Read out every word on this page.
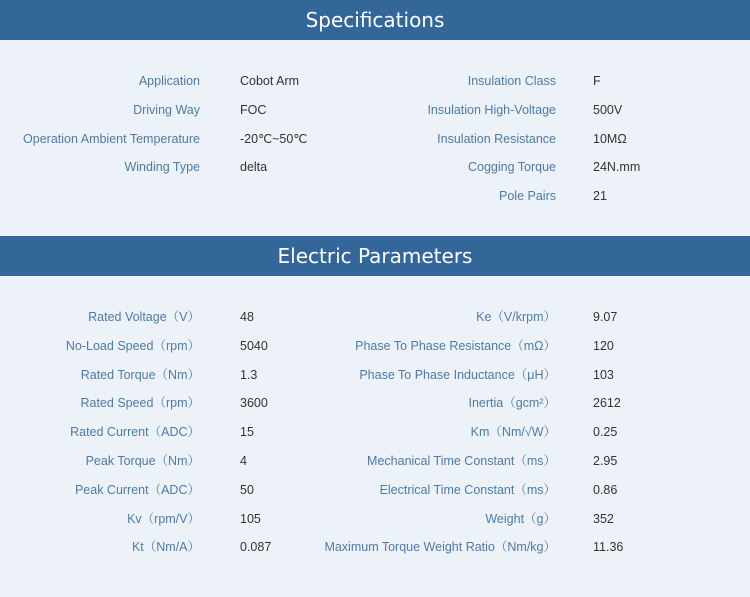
Specifications
Application	Cobot Arm
Driving Way	FOC
Operation Ambient Temperature	-20℃~50℃
Winding Type	delta
Insulation Class	F
Insulation High-Voltage	500V
Insulation Resistance	10MΩ
Cogging Torque	24N.mm
Pole Pairs	21
Electric Parameters
Rated Voltage（V）	48
No-Load Speed（rpm）	5040
Rated Torque（Nm）	1.3
Rated Speed（rpm）	3600
Rated Current（ADC）	15
Peak Torque（Nm）	4
Peak Current（ADC）	50
Kv（rpm/V）	105
Kt（Nm/A）	0.087
Ke（V/krpm）	9.07
Phase To Phase Resistance（mΩ）	120
Phase To Phase Inductance（μH）	103
Inertia（gcm²）	2612
Km（Nm/√W）	0.25
Mechanical Time Constant（ms）	2.95
Electrical Time Constant（ms）	0.86
Weight（g）	352
Maximum Torque Weight Ratio（Nm/kg）	11.36
